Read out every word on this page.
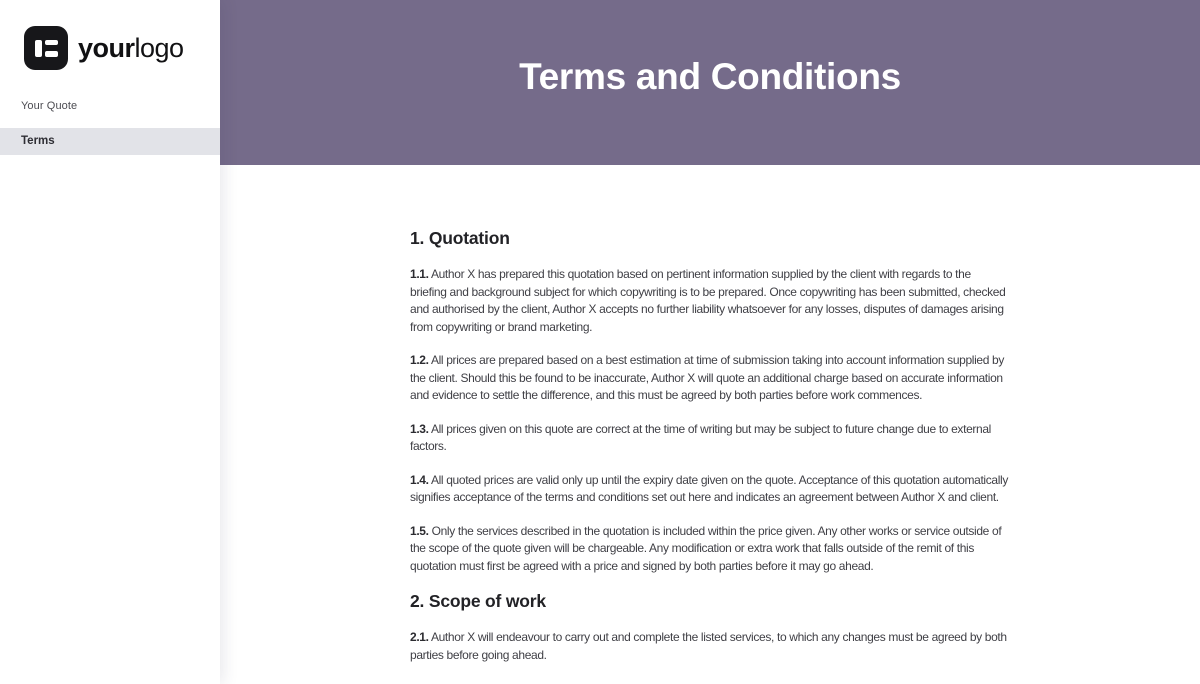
yourlogo
Your Quote
Terms
Terms and Conditions
1. Quotation

1.1. Author X has prepared this quotation based on pertinent information supplied by the client with regards to the briefing and background subject for which copywriting is to be prepared. Once copywriting has been submitted, checked and authorised by the client, Author X accepts no further liability whatsoever for any losses, disputes of damages arising from copywriting or brand marketing.

1.2. All prices are prepared based on a best estimation at time of submission taking into account information supplied by the client. Should this be found to be inaccurate, Author X will quote an additional charge based on accurate information and evidence to settle the difference, and this must be agreed by both parties before work commences.

1.3. All prices given on this quote are correct at the time of writing but may be subject to future change due to external factors.

1.4. All quoted prices are valid only up until the expiry date given on the quote. Acceptance of this quotation automatically signifies acceptance of the terms and conditions set out here and indicates an agreement between Author X and client.

1.5. Only the services described in the quotation is included within the price given. Any other works or service outside of the scope of the quote given will be chargeable. Any modification or extra work that falls outside of the remit of this quotation must first be agreed with a price and signed by both parties before it may go ahead.

2. Scope of work

2.1. Author X will endeavour to carry out and complete the listed services, to which any changes must be agreed by both parties before going ahead.
